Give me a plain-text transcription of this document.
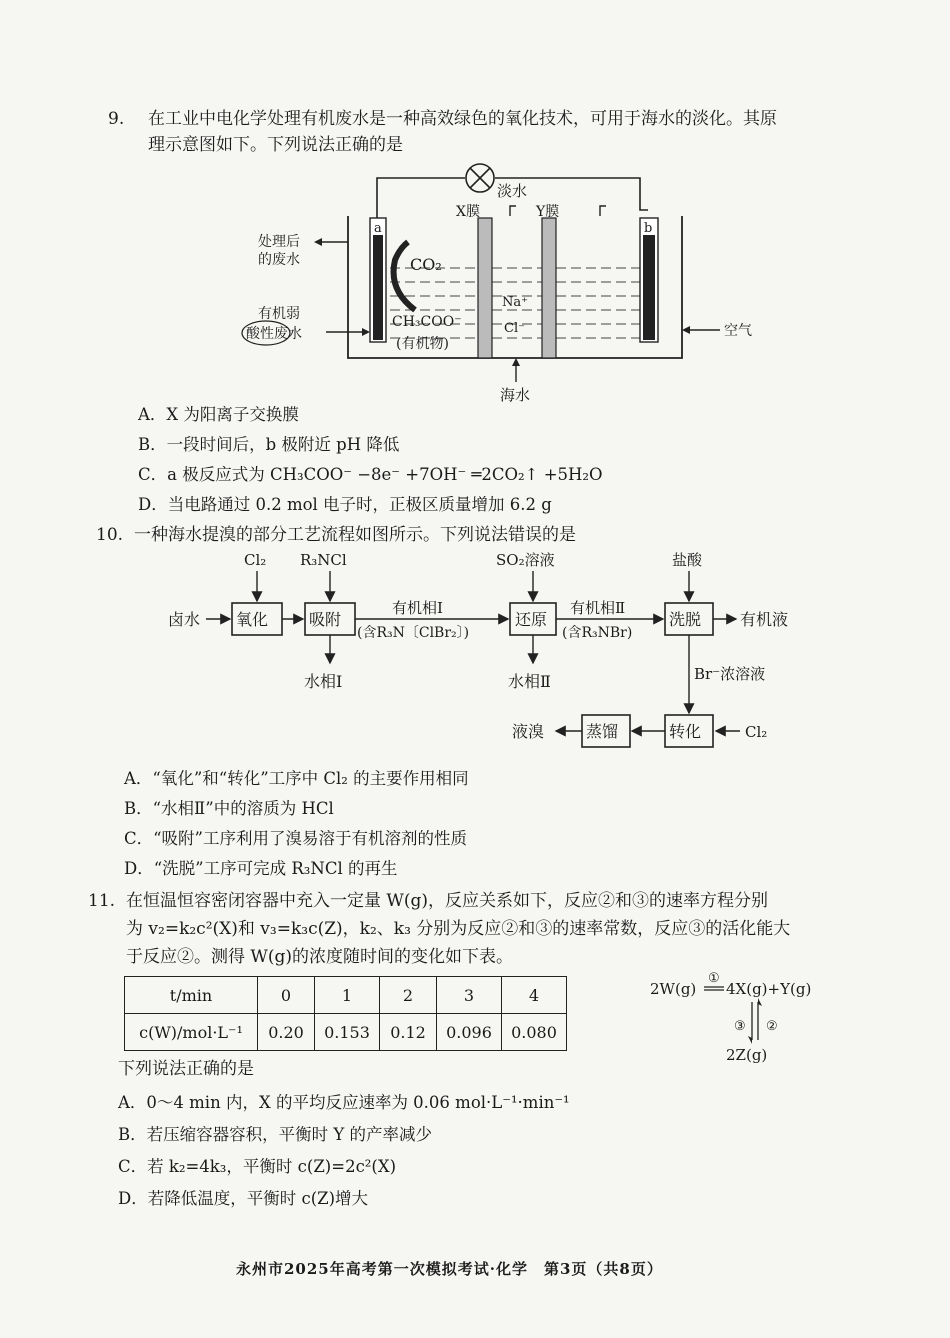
9. 在工业中电化学处理有机废水是一种高效绿色的氧化技术，可用于海水的淡化。其原
理示意图如下。下列说法正确的是
a	b
X膜	Y膜
淡水
CO₂
Na⁺
Cl⁻
CH₃COO⁻
(有机物)
处理后
的废水
有机弱
酸性废水	空气
海水
A．X 为阳离子交换膜
B．一段时间后，b 极附近 pH 降低
C．a 极反应式为 CH₃COO⁻ −8e⁻ +7OH⁻ ═2CO₂↑ +5H₂O
D．当电路通过 0.2 mol 电子时，正极区质量增加 6.2 g
10. 一种海水提溴的部分工艺流程如图所示。下列说法错误的是
氧化	吸附	还原	洗脱
转化
蒸馏
卤水
有机相Ⅰ
(含R₃N〔ClBr₂〕)
有机相Ⅱ
(含R₃NBr)
有机液
Cl₂ R₃NCl	SO₂溶液	盐酸
水相Ⅰ	水相Ⅱ	Br⁻浓溶液
Cl₂
液溴
A．“氧化”和“转化”工序中 Cl₂ 的主要作用相同
B．“水相Ⅱ”中的溶质为 HCl
C．“吸附”工序利用了溴易溶于有机溶剂的性质
D．“洗脱”工序可完成 R₃NCl 的再生
11. 在恒温恒容密闭容器中充入一定量 W(g)，反应关系如下，反应②和③的速率方程分别
为 v₂=k₂c²(X)和 v₃=k₃c(Z)，k₂、k₃ 分别为反应②和③的速率常数，反应③的活化能大
于反应②。测得 W(g)的浓度随时间的变化如下表。
t/min	0	1	2	3	4
c(W)/mol·L⁻¹	0.20	0.153	0.12	0.096	0.080
2W(g) 4X(g)+Y(g)
①
③ ②
2Z(g)
下列说法正确的是
A．0～4 min 内，X 的平均反应速率为 0.06 mol·L⁻¹·min⁻¹
B．若压缩容器容积，平衡时 Y 的产率减少
C．若 k₂=4k₃，平衡时 c(Z)=2c²(X)
D．若降低温度，平衡时 c(Z)增大
永州市2025年高考第一次模拟考试·化学　第3页（共8页）
